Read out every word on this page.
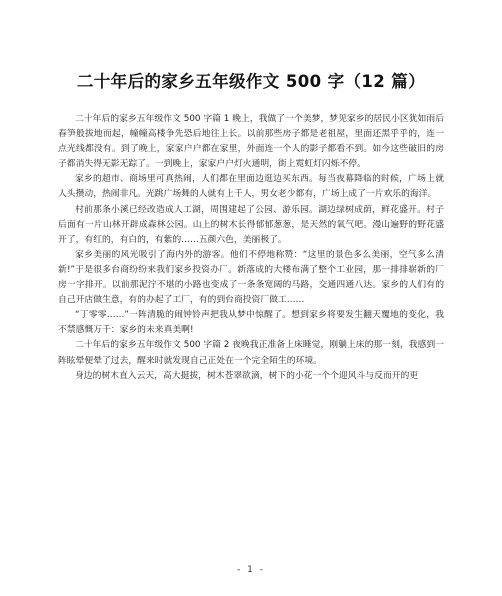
二十年后的家乡五年级作文 500 字（12 篇）

二十年后的家乡五年级作文 500 字篇 1 晚上，我做了一个美梦，梦见家乡的居民小区犹如雨后春笋般拔地而起，幢幢高楼争先恐后地往上长。以前那些房子都是老祖屋，里面还黑乎乎的，连一点光线都没有。到了晚上，家家户户都在家里，外面连一个人的影子都看不到。如今这些破旧的房子都消失得无影无踪了。一到晚上，家家户户灯火通明，街上霓虹灯闪烁不停。

家乡的超市、商场里可真热闹，人们都在里面边逛边买东西。每当夜幕降临的时候，广场上就人头攒动，热闹非凡。光跳广场舞的人就有上千人，男女老少都有，广场上成了一片欢乐的海洋。

村前那条小溪已经改造成人工湖，周围建起了公园、游乐园。湖边绿树成荫，鲜花盛开。村子后面有一片山林开辟成森林公园。山上的树木长得郁郁葱葱，是天然的氧气吧。漫山遍野的野花盛开了，有红的，有白的，有紫的……五颜六色，美丽极了。

家乡美丽的风光吸引了海内外的游客。他们不停地称赞：“这里的景色多么美丽，空气多么清新!”于是很多台商纷纷来我们家乡投资办厂。新落成的大楼布满了整个工业园，那一排排崭新的厂房一字排开。以前那泥泞不堪的小路也变成了一条条宽阔的马路，交通四通八达。家乡的人们有的自己开店做生意，有的办起了工厂，有的到台商投资厂做工……

“丁零零……”一阵清脆的闹钟铃声把我从梦中惊醒了。想到家乡将要发生翻天覆地的变化，我不禁感慨万千：家乡的未来真美啊!

二十年后的家乡五年级作文 500 字篇 2 夜晚我正准备上床睡觉，刚躺上床的那一刻，我感到一阵眩晕便晕了过去，醒来时就发现自己正处在一个完全陌生的环境。

身边的树木直入云天，高大挺拔，树木苍翠欲滴，树下的小花一个个迎风斗与反而开的更

- 1 -
